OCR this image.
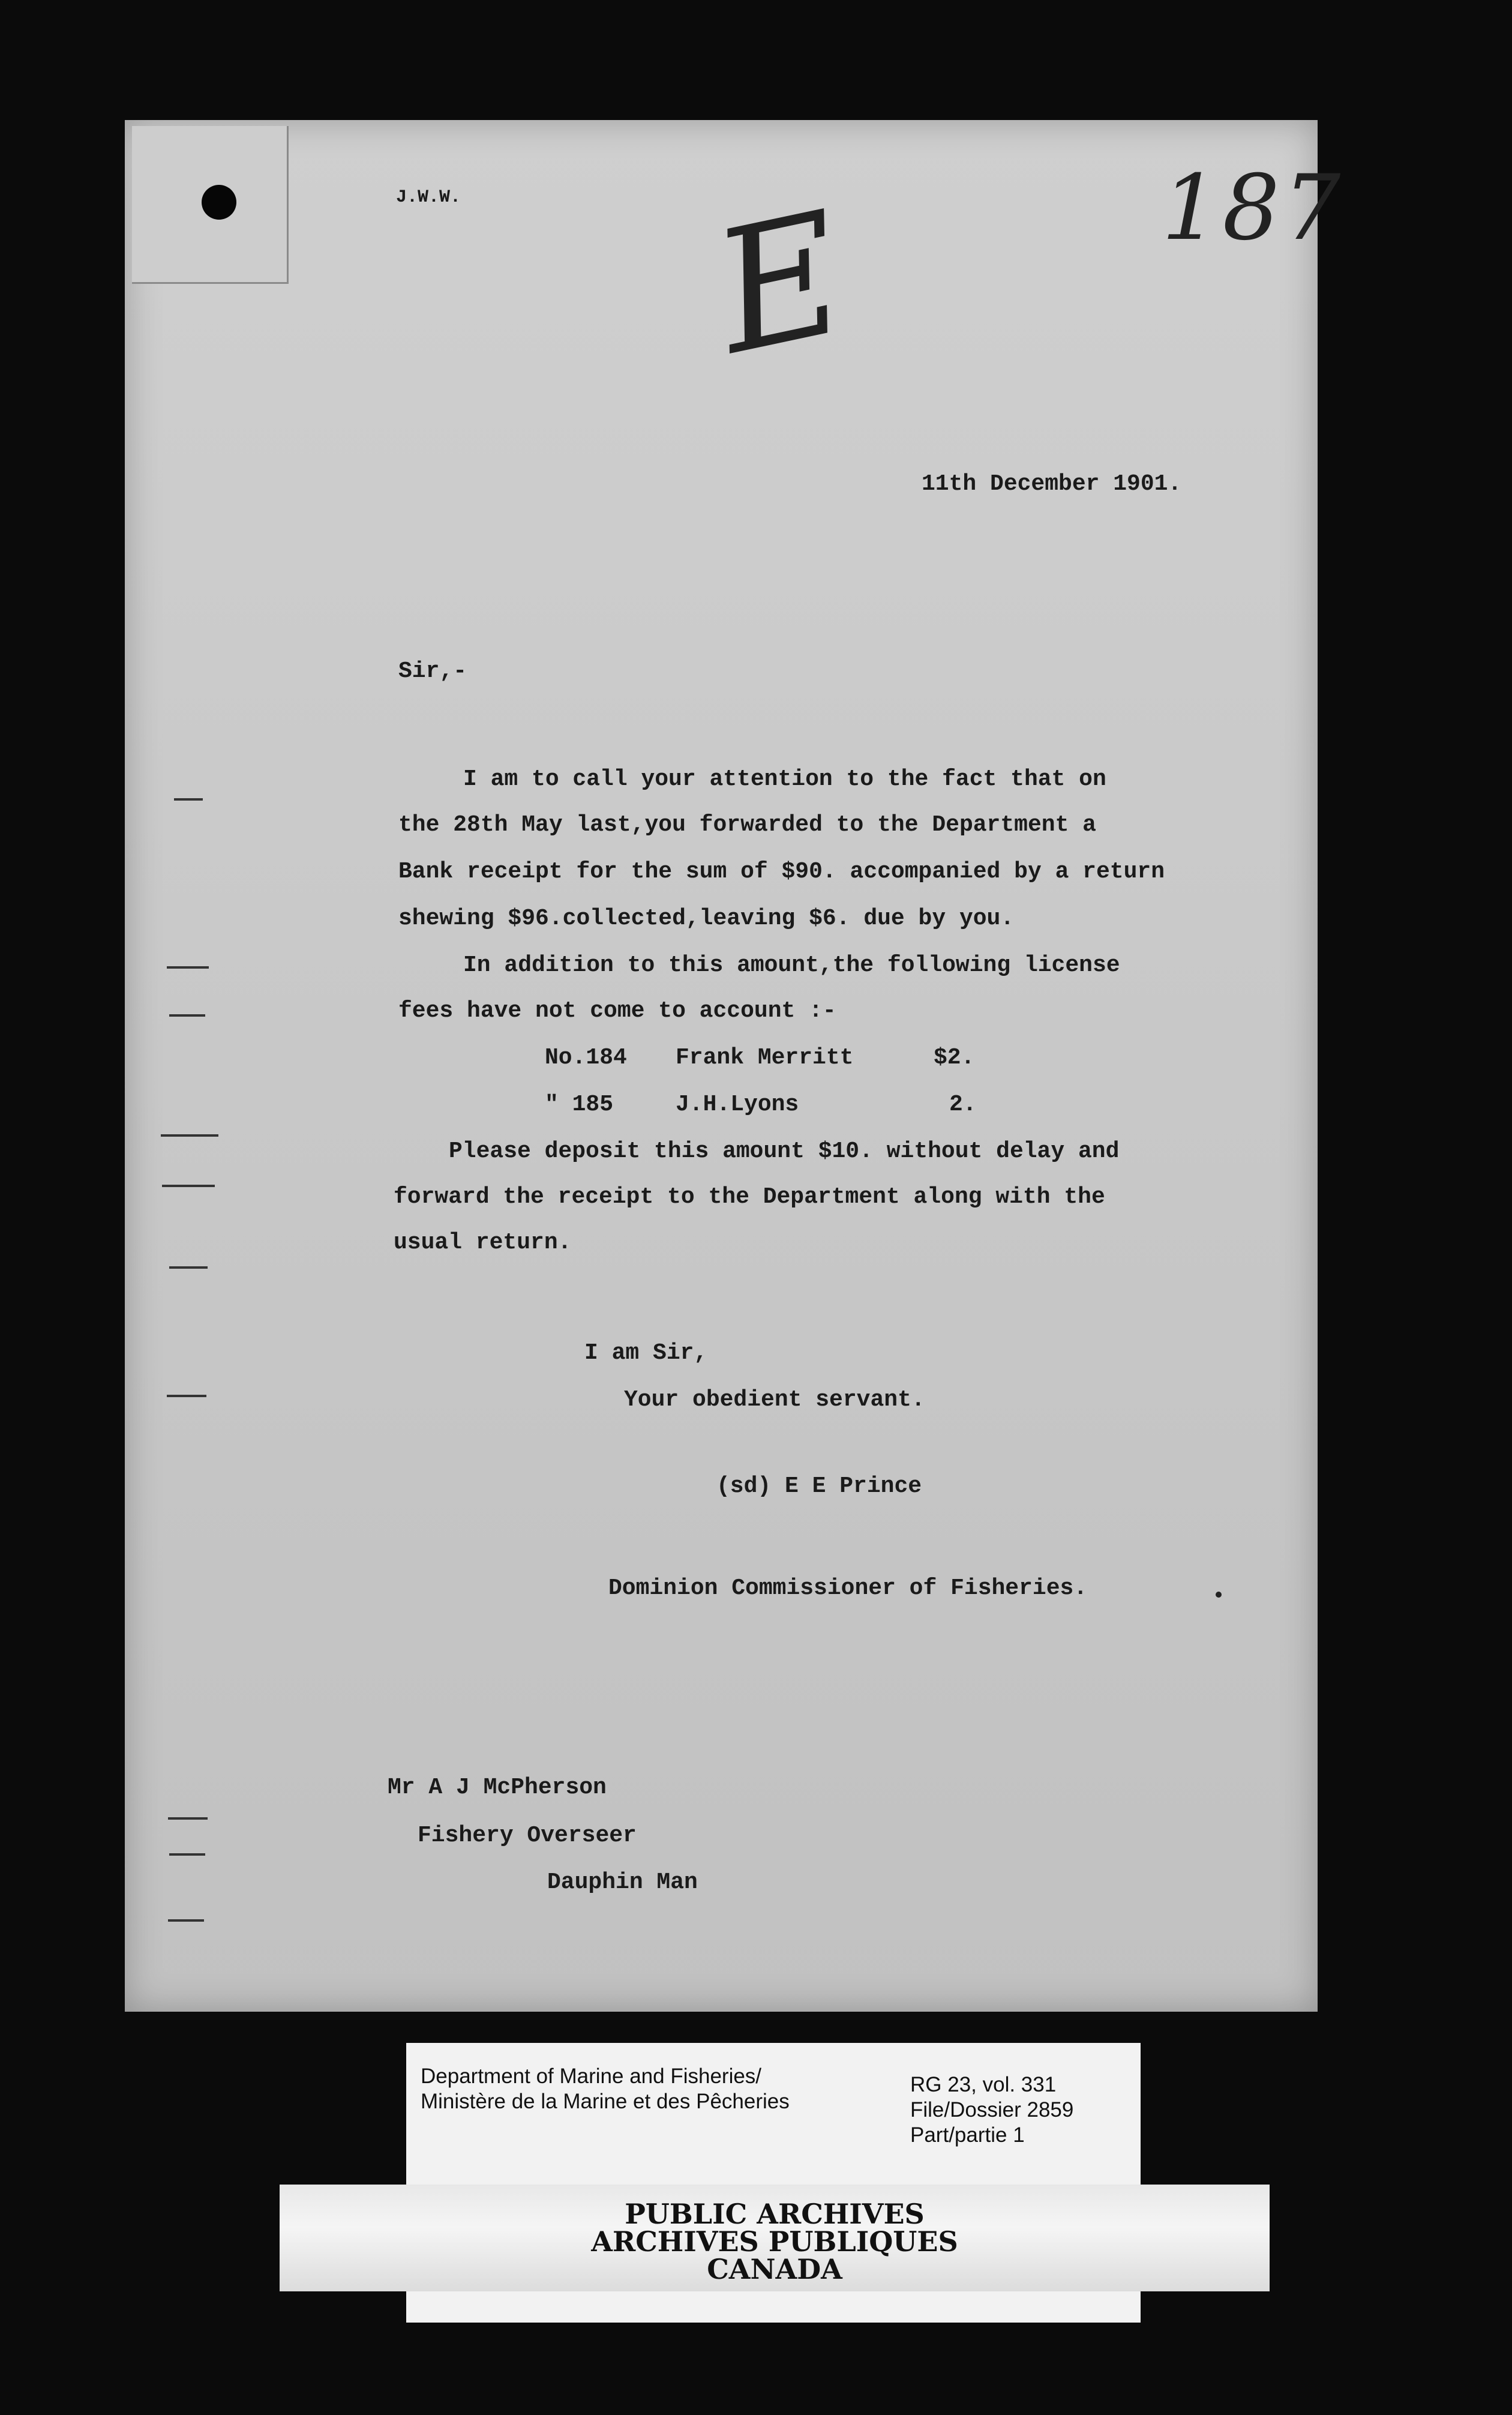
J.W.W. E	187
11th December 1901.
Sir,-
I am to call your attention to the fact that on
the 28th May last,you forwarded to the Department a
Bank receipt for the sum of $90. accompanied by a return
shewing $96.collected,leaving $6. due by you.
In addition to this amount,the following license
fees have not come to account :-
No.184 Frank Merritt	$2.
" 185	J.H.Lyons	2.
Please deposit this amount $10. without delay and
forward the receipt to the Department along with the
usual return.
I am Sir,
Your obedient servant.
(sd) E E Prince
Dominion Commissioner of Fisheries.
Mr A J McPherson
Fishery Overseer
Dauphin Man
Department of Marine and Fisheries/
Ministère de la Marine et des Pêcheries
RG 23, vol. 331
File/Dossier 2859
Part/partie 1
PUBLIC ARCHIVES
ARCHIVES PUBLIQUES
CANADA
